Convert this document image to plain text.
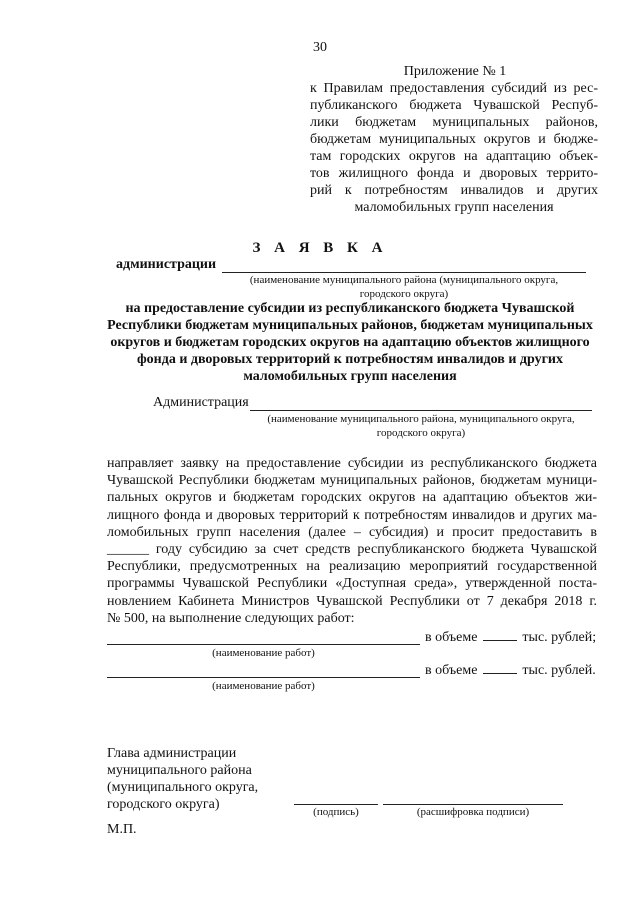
30
Приложение № 1
к Правилам предоставления субсидий из рес-
публиканского бюджета Чувашской Респуб-
лики бюджетам муниципальных районов,
бюджетам муниципальных округов и бюдже-
там городских округов на адаптацию объек-
тов жилищного фонда и дворовых террито-
рий к потребностям инвалидов и других
маломобильных групп населения
З А Я В К А
администрации
(наименование муниципального района (муниципального округа,
городского округа)
на предоставление субсидии из республиканского бюджета Чувашской
Республики бюджетам муниципальных районов, бюджетам муниципальных
округов и бюджетам городских округов на адаптацию объектов жилищного
фонда и дворовых территорий к потребностям инвалидов и других
маломобильных групп населения
Администрация
(наименование муниципального района, муниципального округа,
городского округа)
направляет заявку на предоставление субсидии из республиканского бюджета
Чувашской Республики бюджетам муниципальных районов, бюджетам муници-
пальных округов и бюджетам городских округов на адаптацию объектов жи-
лищного фонда и дворовых территорий к потребностям инвалидов и других ма-
ломобильных групп населения (далее – субсидия) и просит предоставить в
______ году субсидию за счет средств республиканского бюджета Чувашской
Республики, предусмотренных на реализацию мероприятий государственной
программы Чувашской Республики «Доступная среда», утвержденной поста-
новлением Кабинета Министров Чувашской Республики от 7 декабря 2018 г.
№ 500, на выполнение следующих работ:
в объеме	тыс. рублей;
(наименование работ)
в объеме	тыс. рублей.
(наименование работ)
Глава администрации
муниципального района
(муниципального округа,
городского округа)	(подпись)	(расшифровка подписи)
М.П.
